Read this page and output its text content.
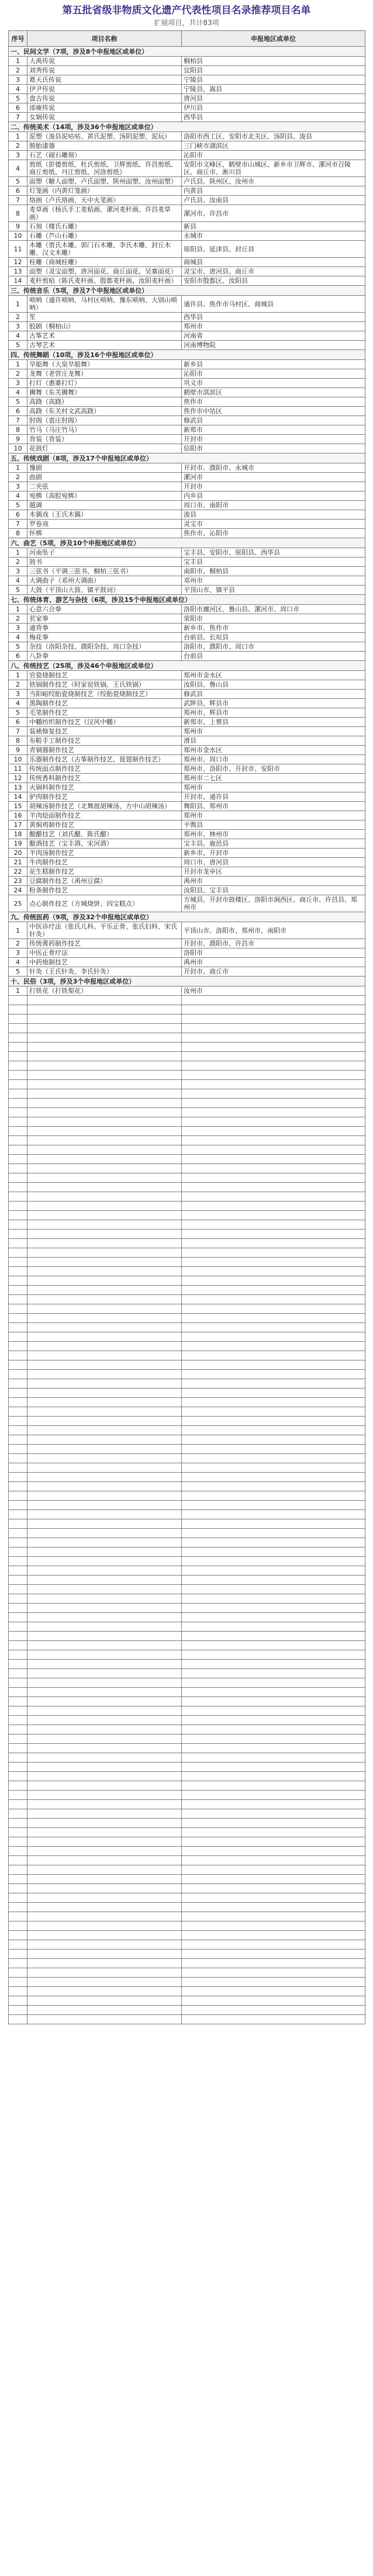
第五批省级非物质文化遗产代表性项目名录推荐项目名单
扩展项目，共计83项
序号	项目名称	申报地区或单位
一、民间文学（7项，涉及8个申报地区或单位）		
1	大禹传说	桐柏县
2	刘秀传说	宜阳县
3	葛天氏传说	宁陵县
4	伊尹传说	宁陵县、嵩县
5	盘古传说	唐河县
6	邵雍传说	伊川县
7	女娲传说	西华县
二、传统美术（14项，涉及36个申报地区或单位）		
1	泥塑（浚县泥咕咕、黄氏泥塑、汤阴泥塑、泥玩）	洛阳市西工区、安阳市北关区、汤阴县、浚县
2	脱胎漆器	三门峡市湖滨区
3	石艺（砚石雕刻）	沁阳市
4	剪纸（彭德剪纸、杜氏剪纸、卫辉剪纸、许昌剪纸、商丘剪纸、丹江剪纸、河洛剪纸）	安阳市文峰区、鹤壁市山城区、新乡市卫辉市、漯河市召陵区、商丘市、淅川县
5	面塑（糖人面塑、卢氏面塑、陕州面塑、汝州面塑）	卢氏县、陕州区、汝州市
6	灯笼画（内黄灯笼画）	内黄县
7	烙画（卢氏烙画、天中火笔画）	卢氏县、汝南县
8	麦草画（杨氏手工麦秸画、漯河麦秆画、许昌麦草画）	漯河市、许昌市
9	石刻（楼氏石雕）	新县
10	石雕（芦山石雕）	永城市
11	木雕（贾氏木雕、郭门石木雕、李氏木雕、封丘木雕、汉文木雕）	原阳县、延津县、封丘县
12	桂雕（商城桂雕）	商城县
13	面塑（灵宝面塑、唐河面花、商丘面花、吴寨面花）	灵宝市、唐河县、商丘市
14	麦秆剪贴（陈氏麦秆画、殷都麦秆画、汝阳麦秆画）	安阳市殷都区、汝阳县
三、传统音乐（5项，涉及7个申报地区或单位）		
1	唢呐（通许唢呐、马村区唢呐、豫东唢呐、大别山唢呐）	通许县、焦作市马村区、商城县
2	笙	西华县
3	胶剧（桐柏山）	郑州市
4	古筝艺术	河南省
5	古琴艺术	河南博物院
四、传统舞蹈（10项，涉及16个申报地区或单位）		
1	旱船舞（大泉旱船舞）	新乡县
2	龙舞（老营庄龙舞）	沁阳市
3	打灯（惠寨打灯）	巩义市
4	狮舞（东关狮舞）	鹤壁市淇滨区
5	高跷（高跷）	焦作市
6	高跷（东关村文武高跷）	焦作市中站区
7	肘阁（袁庄肘阁）	修武县
8	竹马（马庄竹马）	新郑市
9	背装（背装）	开封市
10	花鼓灯	信阳市
五、传统戏剧（8项，涉及17个申报地区或单位）		
1	豫剧	开封市、濮阳市、永城市
2	曲剧	漯河市
3	二夹弦	开封市
4	宛梆（高腔宛梆）	内乡县
5	越调	周口市、南阳市
6	木偶戏（王氏木偶）	浚县
7	罗卷戏	灵宝市
8	怀梆	焦作市、沁阳市
六、曲艺（5项，涉及10个申报地区或单位）		
1	河南坠子	宝丰县、安阳市、原阳县、西华县
2	鼓书	宝丰县
3	三弦书（平调三弦书、桐柏三弦书）	南阳市、桐柏县
4	大调曲子（邓州大调曲）	邓州市
5	大鼓（平顶山大鼓、镇平鼓词）	平顶山市、镇平县
七、传统体育、游艺与杂技（6项，涉及15个申报地区或单位）		
1	心意六合拳	洛阳市瀍河区、鲁山县、漯河市、周口市
2	苌家拳	荥阳市
3	通背拳	新乡市、焦作市
4	梅花拳	台前县、长垣县
5	杂技（洛阳杂技、濮阳杂技、周口杂技）	洛阳市、濮阳市、周口市
6	八卦拳	台前县
八、传统技艺（25项，涉及46个申报地区或单位）		
1	官瓷烧制技艺	郑州市金水区
2	铁锅制作技艺（时家窑铁锅、王氏铁锅）	汝阳县、鲁山县
3	当阳峪绞胎瓷烧制技艺（绞胎瓷烧制技艺）	修武县
4	黑陶制作技艺	武陟县、辉县市
5	毛笔制作技艺	郑州市、辉县市
6	中幡纺织制作技艺（汉风中幡）	新郑市、上蔡县
7	装裱修复技艺	郑州市
8	布鞋手工制作技艺	滑县
9	青铜器制作技艺	郑州市金水区
10	乐器制作技艺（古筝制作技艺、琵琶制作技艺）	郑州市、周口市
11	传统面点制作技艺	郑州市、洛阳市、开封市、安阳市
12	传统香料制作技艺	郑州市二七区
13	火锅料制作技艺	郑州市
14	驴肉制作技艺	开封市、通许县
15	胡辣汤制作技艺（北舞渡胡辣汤、方中山胡辣汤）	舞阳县、郑州市
16	羊肉烩面制作技艺	郑州市
17	黄焖鸡制作技艺	平舆县
18	酿醋技艺（刘氏醋、陈氏醋）	郑州市、林州市
19	酿酒技艺（宝丰酒、宋河酒）	宝丰县、鹿邑县
20	羊肉汤制作技艺	新乡市、开封市
21	牛肉制作技艺	周口市、唐河县
22	花生糕制作技艺	开封市龙亭区
23	豆腐制作技艺（禹州豆腐）	禹州市
24	粉条制作技艺	汝阳县、宝丰县
25	点心制作技艺（方城烧饼、四宝糕点）	方城县、开封市鼓楼区、洛阳市涧西区、商丘市、许昌县、郑州市
九、传统医药（9项，涉及32个申报地区或单位）		
1	中医诊疗法（张氏儿科、平乐正骨、张氏妇科、宋氏针灸）	平顶山市、洛阳市、郑州市、南阳市
2	传统膏药制作技艺	开封市、濮阳市、许昌市
3	中医正骨疗法	洛阳市
4	中药炮制技艺	禹州市
5	针灸（王氏针灸、李氏针灸）	开封市、商丘市
十、民俗（3项，涉及3个申报地区或单位）		
1	打铁花（打铁梨花）	汝州市
